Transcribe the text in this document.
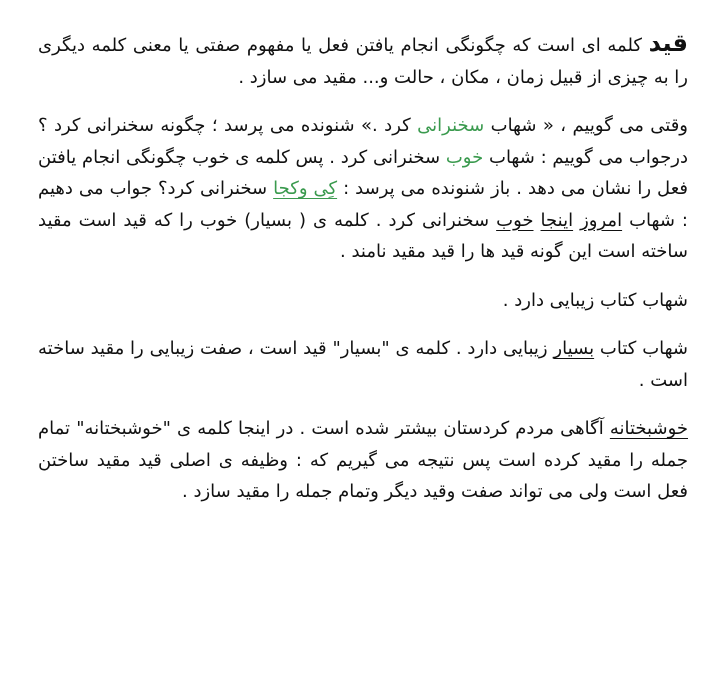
قید کلمه ای است که چگونگی انجام یافتن فعل یا مفهوم صفتی یا معنی کلمه دیگری را به چیزی از قبیل زمان ، مکان ، حالت و... مقید می سازد .

وقتی می گوییم ، « شهاب سخنرانی کرد .» شنونده می پرسد ؛ چگونه سخنرانی کرد ؟ درجواب می گوییم : شهاب خوب سخنرانی کرد . پس کلمه ی خوب چگونگی انجام یافتن فعل را نشان می دهد . باز شنونده می پرسد : کِی وکجا سخنرانی کرد؟ جواب می دهیم : شهاب امروز اینجا خوب سخنرانی کرد . کلمه ی ( بسیار) خوب را که قید است مقید ساخته است این گونه قید ها را قید مقید نامند .

شهاب کتاب زیبایی دارد .

شهاب کتاب بسیار زیبایی دارد . کلمه ی "بسیار" قید است ، صفت زیبایی را مقید ساخته است .

خوشبختانه آگاهی مردم کردستان بیشتر شده است . در اینجا کلمه ی "خوشبختانه" تمام جمله را مقید کرده است پس نتیجه می گیریم که : وظیفه ی اصلی قید مقید ساختن فعل است ولی می تواند صفت وقید دیگر وتمام جمله را مقید سازد .
